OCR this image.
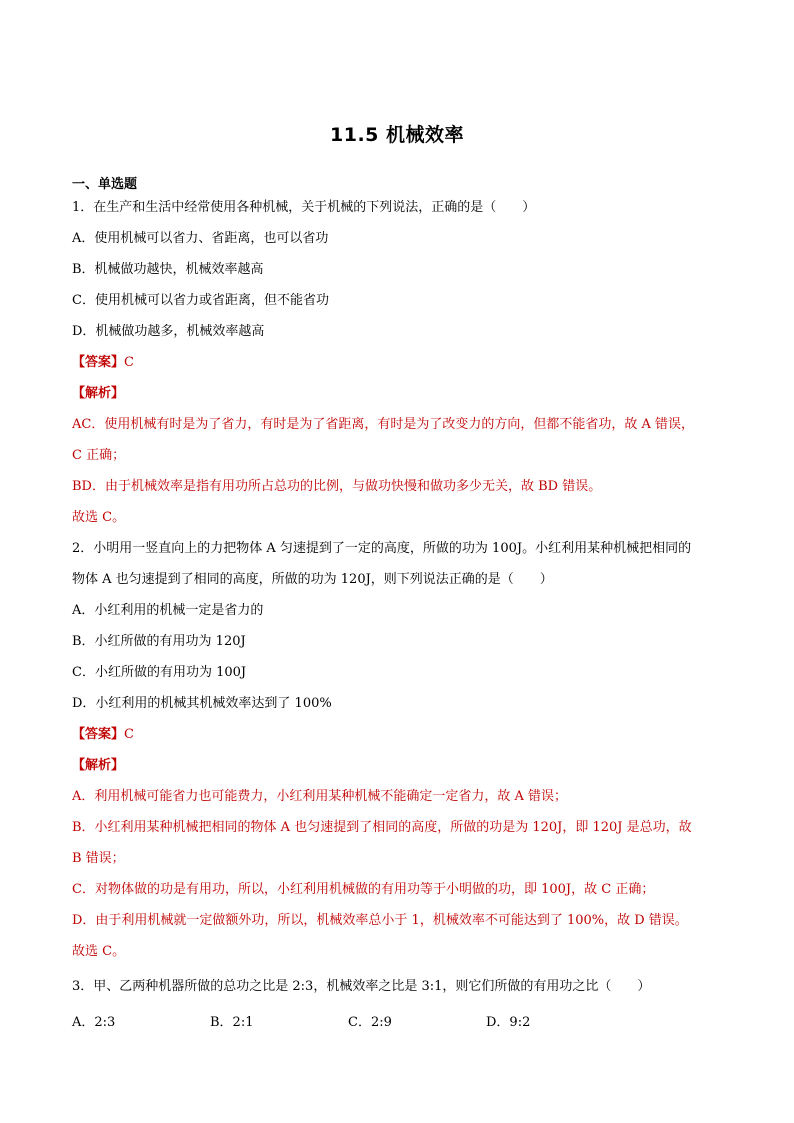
11.5 机械效率
一、单选题
1．在生产和生活中经常使用各种机械，关于机械的下列说法，正确的是（　　）
A．使用机械可以省力、省距离，也可以省功
B．机械做功越快，机械效率越高
C．使用机械可以省力或省距离，但不能省功
D．机械做功越多，机械效率越高
【答案】C
【解析】
AC．使用机械有时是为了省力，有时是为了省距离，有时是为了改变力的方向，但都不能省功，故 A 错误，
C 正确；
BD．由于机械效率是指有用功所占总功的比例，与做功快慢和做功多少无关，故 BD 错误。
故选 C。
2．小明用一竖直向上的力把物体 A 匀速提到了一定的高度，所做的功为 100J。小红利用某种机械把相同的
物体 A 也匀速提到了相同的高度，所做的功为 120J，则下列说法正确的是（　　）
A．小红利用的机械一定是省力的
B．小红所做的有用功为 120J
C．小红所做的有用功为 100J
D．小红利用的机械其机械效率达到了 100%
【答案】C
【解析】
A．利用机械可能省力也可能费力，小红利用某种机械不能确定一定省力，故 A 错误；
B．小红利用某种机械把相同的物体 A 也匀速提到了相同的高度，所做的功是为 120J，即 120J 是总功，故
B 错误；
C．对物体做的功是有用功，所以，小红利用机械做的有用功等于小明做的功，即 100J，故 C 正确；
D．由于利用机械就一定做额外功，所以，机械效率总小于 1，机械效率不可能达到了 100%，故 D 错误。
故选 C。
3．甲、乙两种机器所做的总功之比是 2:3，机械效率之比是 3:1，则它们所做的有用功之比（　　）
A．2:3	B．2:1	C．2:9	D．9:2
